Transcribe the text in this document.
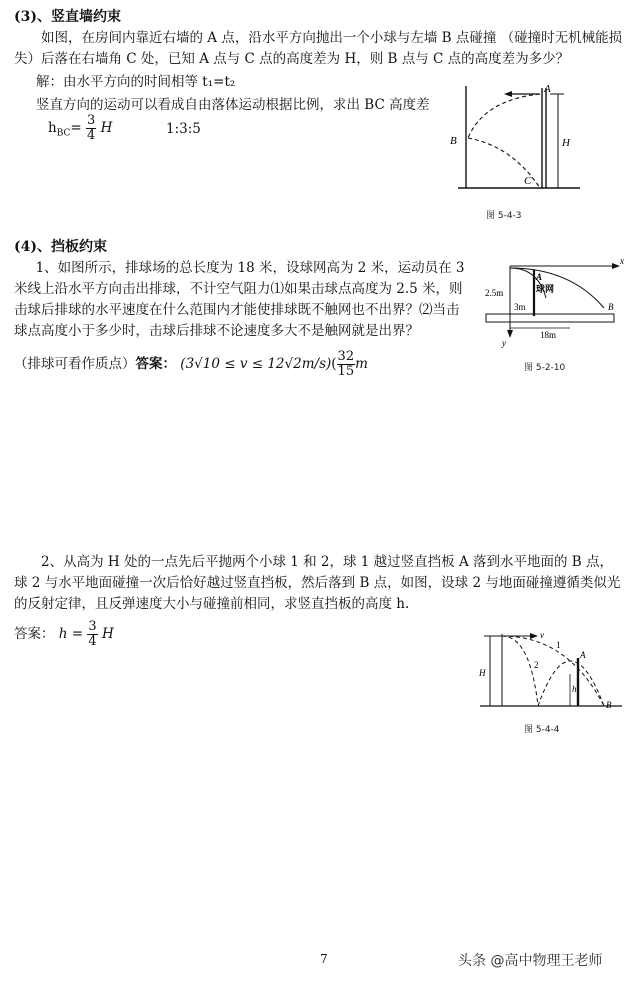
(3)、竖直墙约束
如图，在房间内靠近右墙的 A 点，沿水平方向抛出一个小球与左墙 B 点碰撞 （碰撞时无机械能损失）后落在右墙角 C 处，已知 A 点与 C 点的高度差为 H，则 B 点与 C 点的高度差为多少？
解：由水平方向的时间相等 t₁=t₂
竖直方向的运动可以看成自由落体运动根据比例，求出 BC 高度差
$h_{BC}= \frac{3}{4}$ H	1:3:5
A
B
C
H
图 5-4-3
(4)、挡板约束
1、如图所示，排球场的总长度为 18 米，设球网高为 2 米，运动员在 3 米线上沿水平方向击出排球，不计空气阻力⑴如果击球点高度为 2.5 米，则击球后排球的水平速度在什么范围内才能使排球既不触网也不出界？⑵当击球点高度小于多少时，击球后排球不论速度多大不是触网就是出界？
（排球可看作质点）答案： $(3√10 \le v \le 12√2m/s)( \frac{32}{15}$ m
x
y
2.5m
A
球网
3m
18m
B
图 5-2-10
2、从高为 H 处的一点先后平抛两个小球 1 和 2，球 1 越过竖直挡板 A 落到水平地面的 B 点，球 2 与水平地面碰撞一次后恰好越过竖直挡板，然后落到 B 点，如图，设球 2 与地面碰撞遵循类似光的反射定律，且反弹速度大小与碰撞前相同，求竖直挡板的高度 h.
答案： $h = \frac{3}{4}$ H	v
1
2
A
H
h
B
图 5-4-4
7	头条 @高中物理王老师
